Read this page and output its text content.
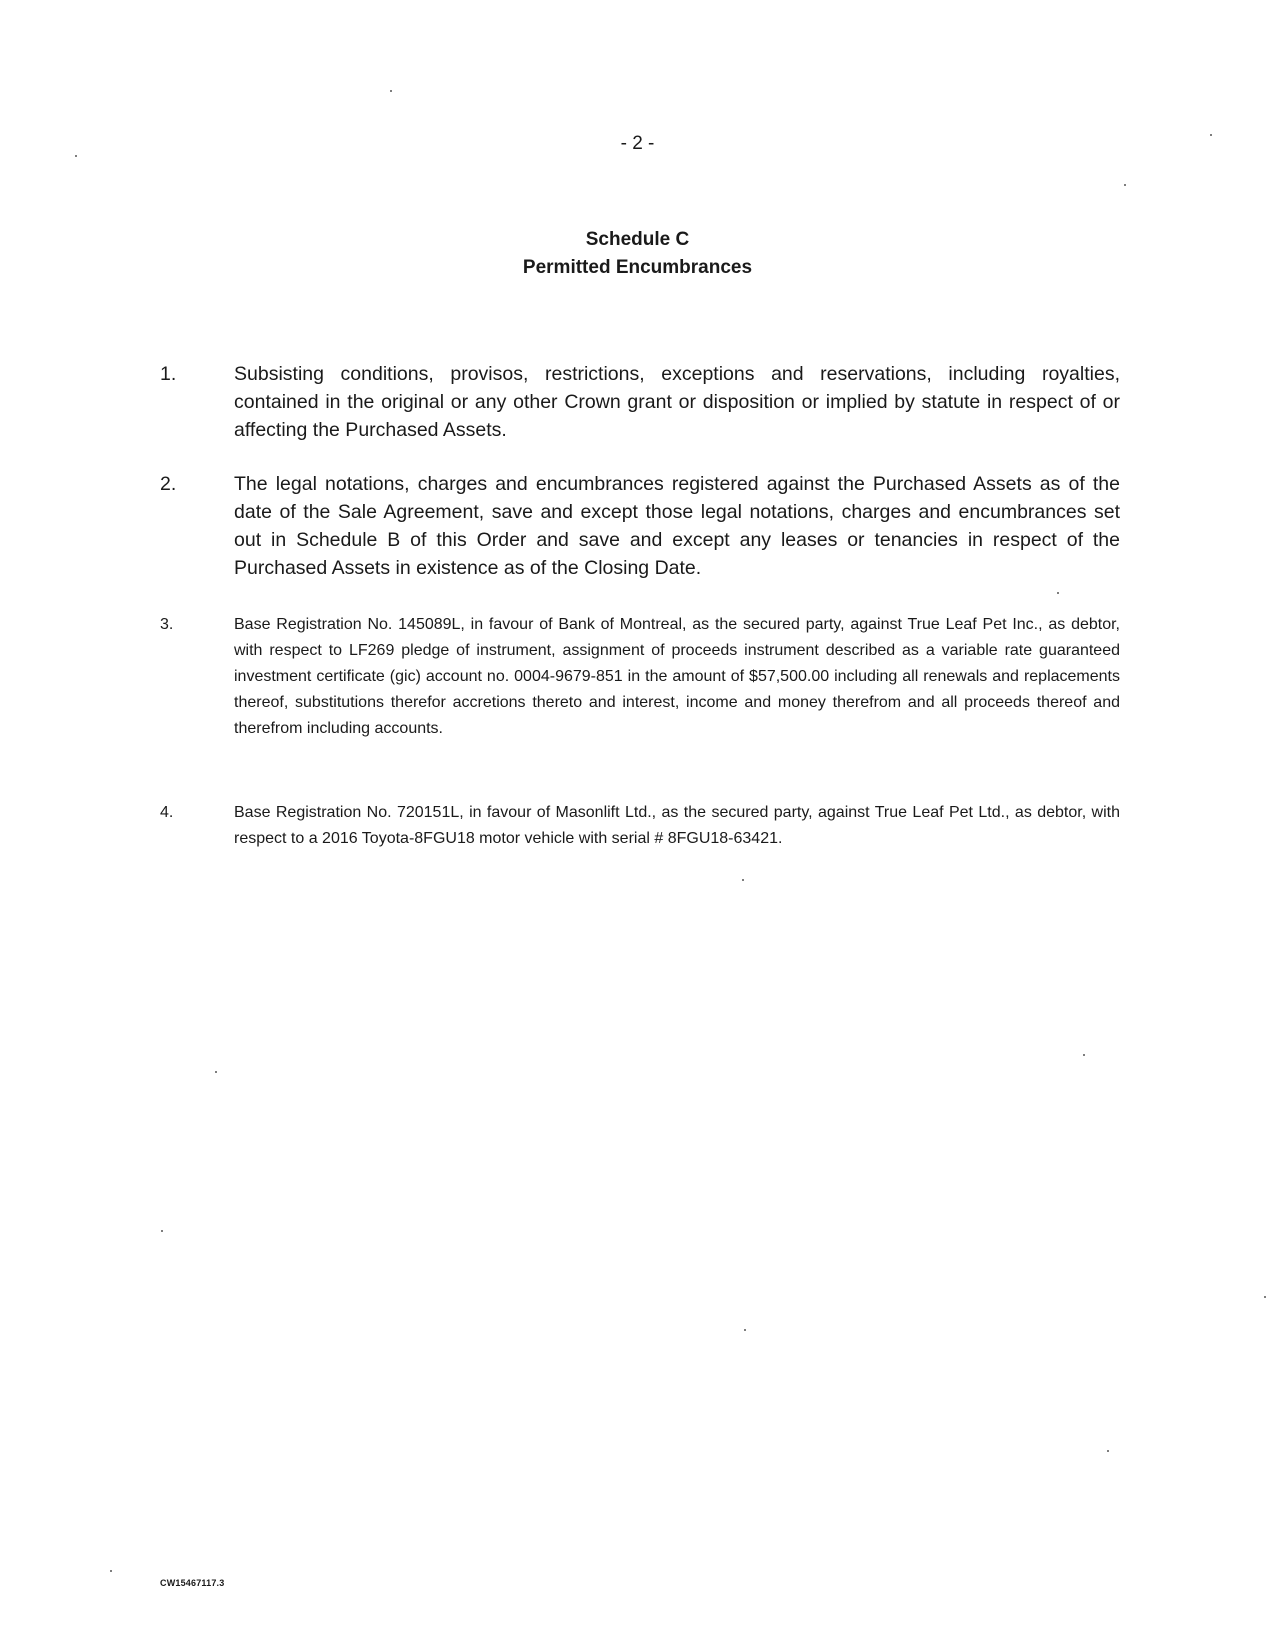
- 2 -
Schedule C
Permitted Encumbrances
1.	Subsisting conditions, provisos, restrictions, exceptions and reservations, including royalties, contained in the original or any other Crown grant or disposition or implied by statute in respect of or affecting the Purchased Assets.
2.	The legal notations, charges and encumbrances registered against the Purchased Assets as of the date of the Sale Agreement, save and except those legal notations, charges and encumbrances set out in Schedule B of this Order and save and except any leases or tenancies in respect of the Purchased Assets in existence as of the Closing Date.
3.	Base Registration No. 145089L, in favour of Bank of Montreal, as the secured party, against True Leaf Pet Inc., as debtor, with respect to LF269 pledge of instrument, assignment of proceeds instrument described as a variable rate guaranteed investment certificate (gic) account no. 0004-9679-851 in the amount of $57,500.00 including all renewals and replacements thereof, substitutions therefor accretions thereto and interest, income and money therefrom and all proceeds thereof and therefrom including accounts.
4.	Base Registration No. 720151L, in favour of Masonlift Ltd., as the secured party, against True Leaf Pet Ltd., as debtor, with respect to a 2016 Toyota-8FGU18 motor vehicle with serial # 8FGU18-63421.
CW15467117.3
